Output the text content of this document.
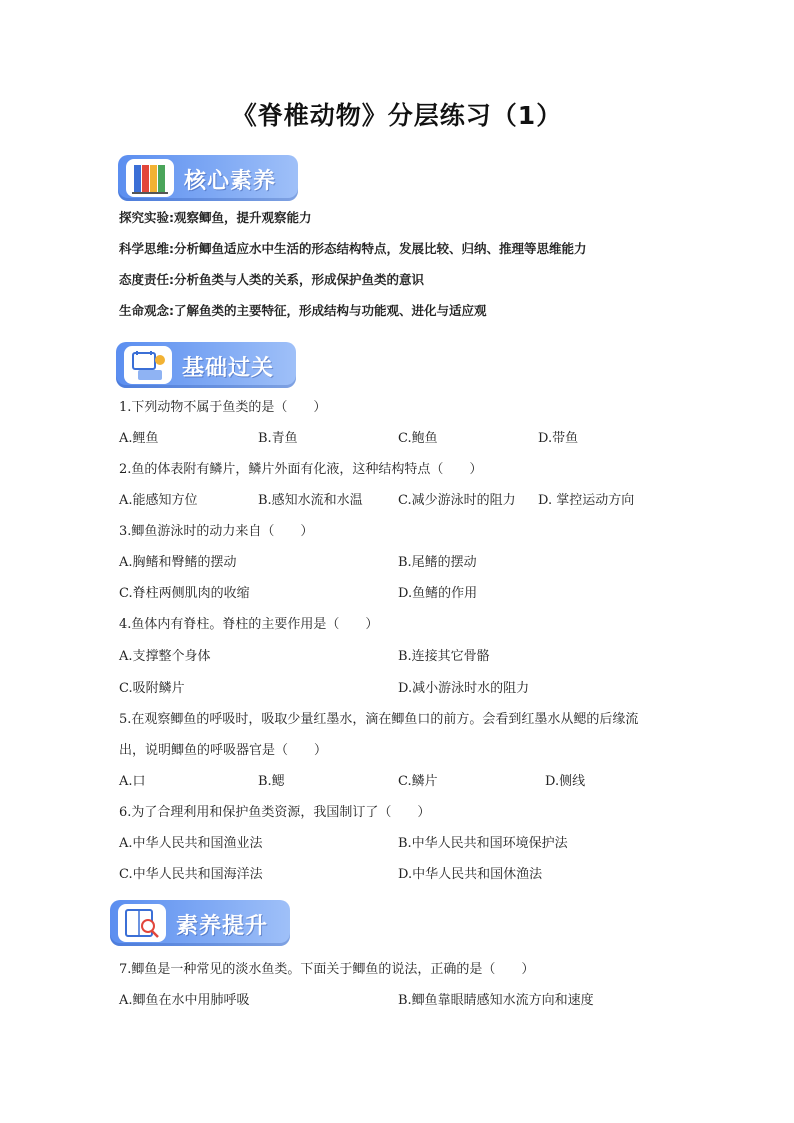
《脊椎动物》分层练习（1）
核心素养
探究实验:观察鲫鱼，提升观察能力
科学思维:分析鲫鱼适应水中生活的形态结构特点，发展比较、归纳、推理等思维能力
态度责任:分析鱼类与人类的关系，形成保护鱼类的意识
生命观念:了解鱼类的主要特征，形成结构与功能观、进化与适应观
基础过关
1.下列动物不属于鱼类的是（　　）
A.鲤鱼	B.青鱼	C.鲍鱼	D.带鱼
2.鱼的体表附有鳞片，鳞片外面有化液，这种结构特点（　　）
A.能感知方位	B.感知水流和水温	C.减少游泳时的阻力 D. 掌控运动方向
3.鲫鱼游泳时的动力来自（　　）
A.胸鳍和臀鳍的摆动	B.尾鳍的摆动
C.脊柱两侧肌肉的收缩	D.鱼鳍的作用
4.鱼体内有脊柱。脊柱的主要作用是（　　）
A.支撑整个身体	B.连接其它骨骼
C.吸附鳞片	D.减小游泳时水的阻力
5.在观察鲫鱼的呼吸时，吸取少量红墨水，滴在鲫鱼口的前方。会看到红墨水从鳃的后缘流
出，说明鲫鱼的呼吸器官是（　　）
A.口	B.鳃	C.鳞片	D.侧线
6.为了合理利用和保护鱼类资源，我国制订了（　　）
A.中华人民共和国渔业法	B.中华人民共和国环境保护法
C.中华人民共和国海洋法	D.中华人民共和国休渔法
素养提升
7.鲫鱼是一种常见的淡水鱼类。下面关于鲫鱼的说法，正确的是（　　）
A.鲫鱼在水中用肺呼吸	B.鲫鱼靠眼睛感知水流方向和速度
